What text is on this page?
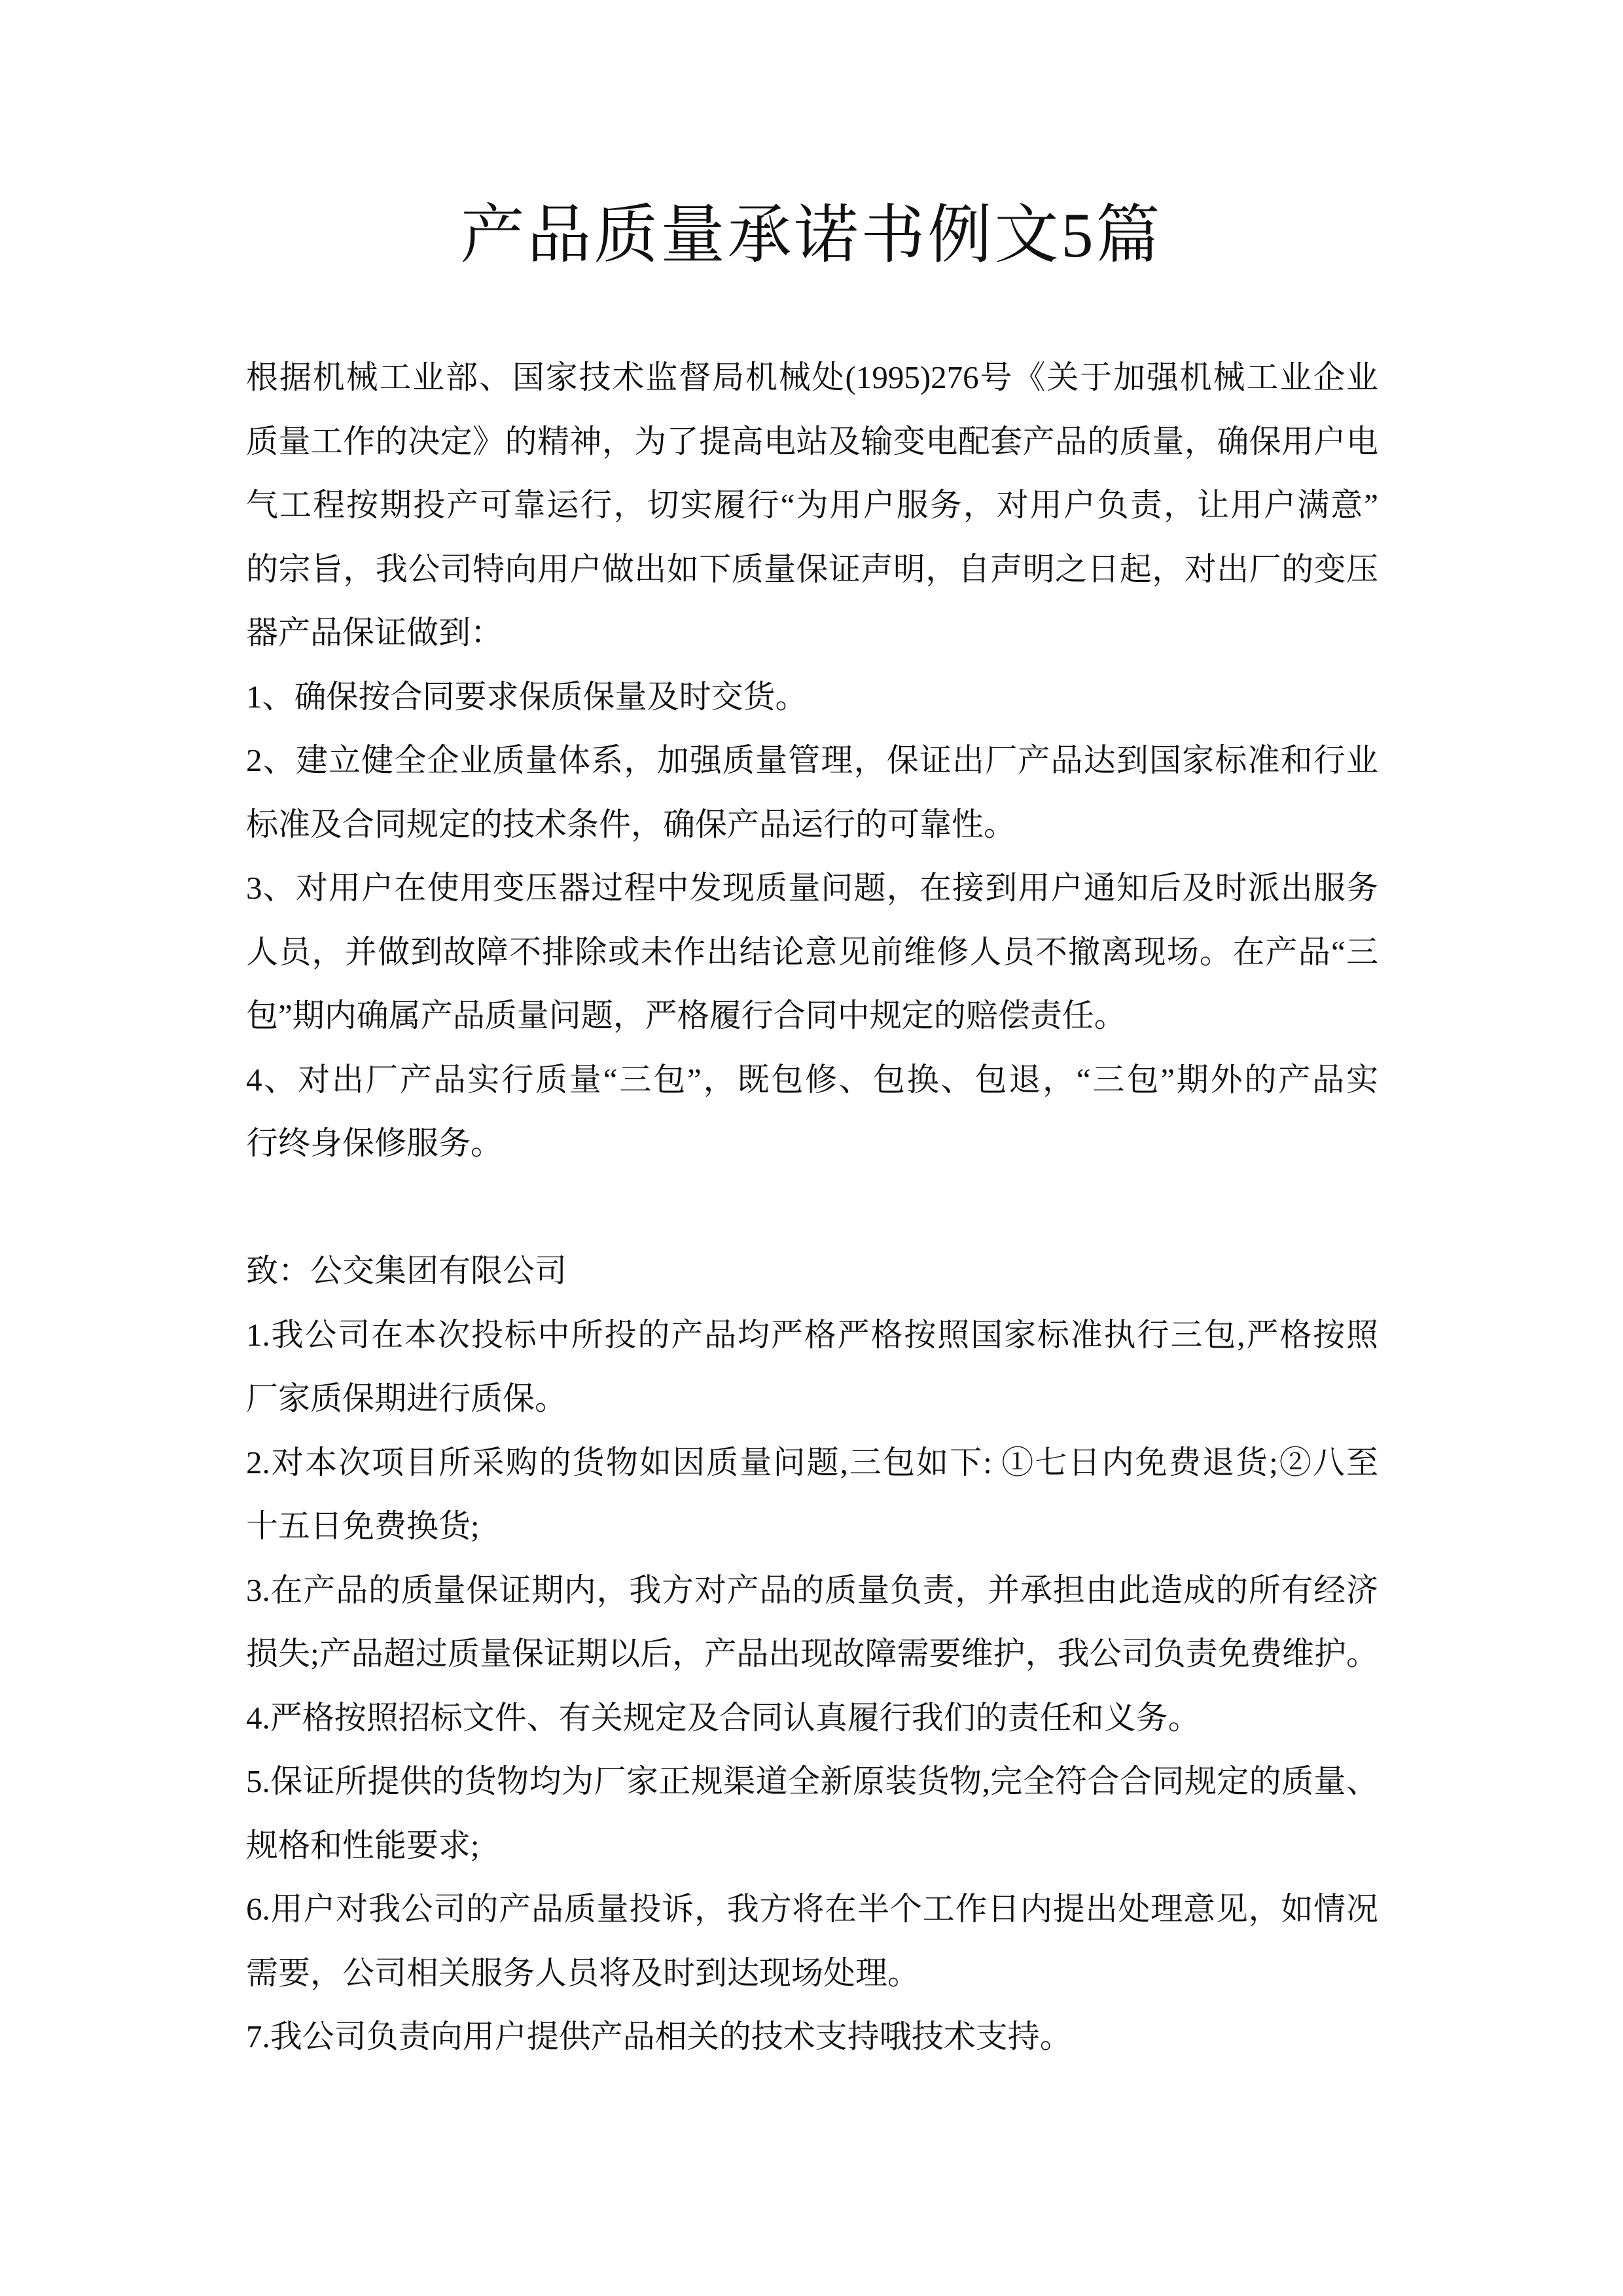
产品质量承诺书例文5篇
根据机械工业部、国家技术监督局机械处(1995)276号《关于加强机械工业企业
质量工作的决定》的精神，为了提高电站及输变电配套产品的质量，确保用户电
气工程按期投产可靠运行，切实履行“为用户服务，对用户负责，让用户满意”
的宗旨，我公司特向用户做出如下质量保证声明，自声明之日起，对出厂的变压
器产品保证做到：
1、确保按合同要求保质保量及时交货。
2、建立健全企业质量体系，加强质量管理，保证出厂产品达到国家标准和行业
标准及合同规定的技术条件，确保产品运行的可靠性。
3、对用户在使用变压器过程中发现质量问题，在接到用户通知后及时派出服务
人员，并做到故障不排除或未作出结论意见前维修人员不撤离现场。在产品“三
包”期内确属产品质量问题，严格履行合同中规定的赔偿责任。
4、对出厂产品实行质量“三包”，既包修、包换、包退，“三包”期外的产品实
行终身保修服务。
致：公交集团有限公司
1.我公司在本次投标中所投的产品均严格严格按照国家标准执行三包,严格按照
厂家质保期进行质保。
2.对本次项目所采购的货物如因质量问题,三包如下: ①七日内免费退货;②八至
十五日免费换货;
3.在产品的质量保证期内，我方对产品的质量负责，并承担由此造成的所有经济
损失;产品超过质量保证期以后，产品出现故障需要维护，我公司负责免费维护。
4.严格按照招标文件、有关规定及合同认真履行我们的责任和义务。
5.保证所提供的货物均为厂家正规渠道全新原装货物,完全符合合同规定的质量、
规格和性能要求;
6.用户对我公司的产品质量投诉，我方将在半个工作日内提出处理意见，如情况
需要，公司相关服务人员将及时到达现场处理。
7.我公司负责向用户提供产品相关的技术支持哦技术支持。
